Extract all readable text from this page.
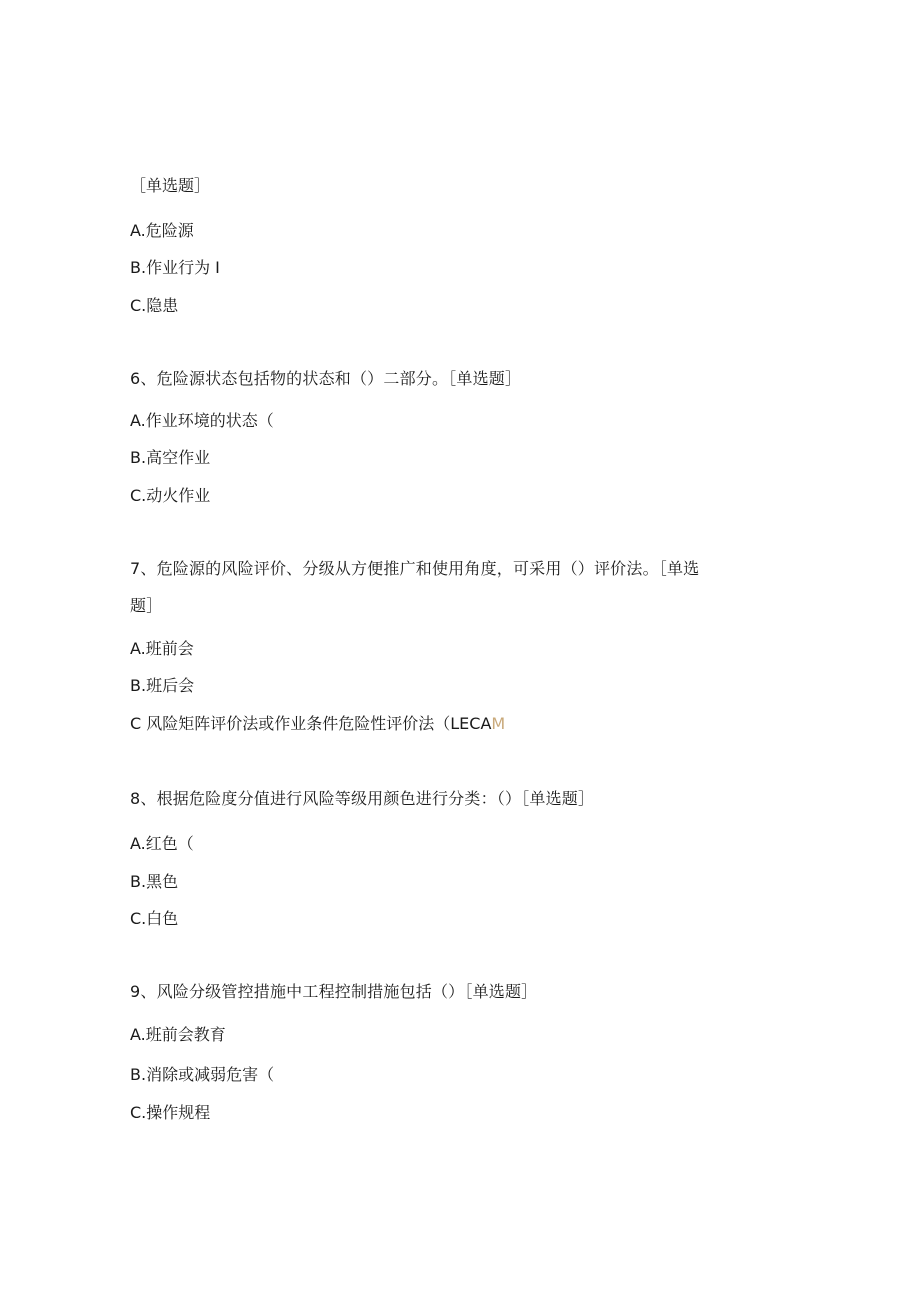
［单选题］
A.危险源
B.作业行为 I
C.隐患
6、危险源状态包括物的状态和（）二部分。［单选题］
A.作业环境的状态（
B.高空作业
C.动火作业
7、危险源的风险评价、分级从方便推广和使用角度，可采用（）评价法。［单选
题］
A.班前会
B.班后会
C 风险矩阵评价法或作业条件危险性评价法（LECAM
8、根据危险度分值进行风险等级用颜色进行分类：（）［单选题］
A.红色（
B.黑色
C.白色
9、风险分级管控措施中工程控制措施包括（）［单选题］
A.班前会教育
B.消除或减弱危害（
C.操作规程
